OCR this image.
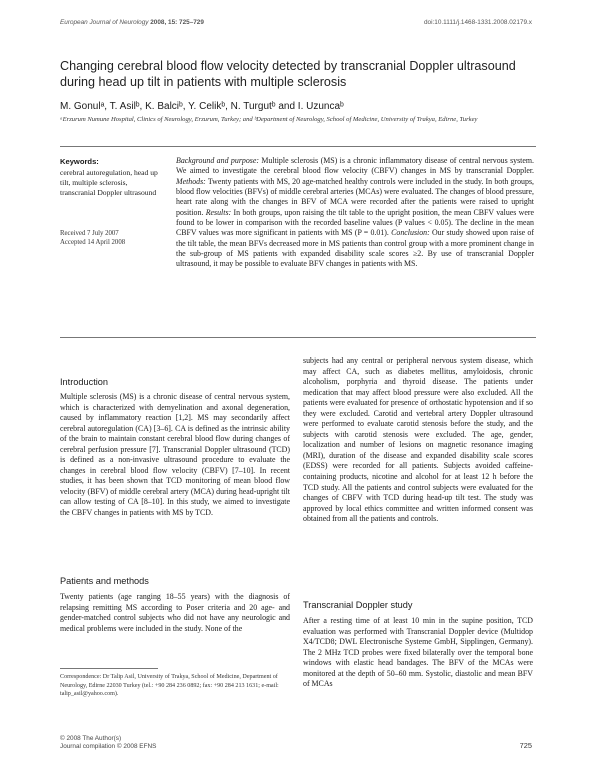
European Journal of Neurology 2008, 15: 725–729	doi:10.1111/j.1468-1331.2008.02179.x
Changing cerebral blood flow velocity detected by transcranial Doppler ultrasound during head up tilt in patients with multiple sclerosis
M. Gonulᵃ, T. Asilᵇ, K. Balciᵇ, Y. Celikᵇ, N. Turgutᵇ and I. Uzuncaᵇ
ᵃErzurum Numune Hospital, Clinics of Neurology, Erzurum, Turkey; and ᵇDepartment of Neurology, School of Medicine, University of Trakya, Edirne, Turkey
Keywords:
cerebral autoregulation, head up tilt, multiple sclerosis, transcranial Doppler ultrasound
Received 7 July 2007
Accepted 14 April 2008
Background and purpose: Multiple sclerosis (MS) is a chronic inflammatory disease of central nervous system. We aimed to investigate the cerebral blood flow velocity (CBFV) changes in MS by transcranial Doppler. Methods: Twenty patients with MS, 20 age-matched healthy controls were included in the study. In both groups, blood flow velocities (BFVs) of middle cerebral arteries (MCAs) were evaluated. The changes of blood pressure, heart rate along with the changes in BFV of MCA were recorded after the patients were raised to upright position. Results: In both groups, upon raising the tilt table to the upright position, the mean CBFV values were found to be lower in comparison with the recorded baseline values (P values < 0.05). The decline in the mean CBFV values was more significant in patients with MS (P = 0.01). Conclusion: Our study showed upon raise of the tilt table, the mean BFVs decreased more in MS patients than control group with a more prominent change in the sub-group of MS patients with expanded disability scale scores ≥2. By use of transcranial Doppler ultrasound, it may be possible to evaluate BFV changes in patients with MS.
Introduction
Multiple sclerosis (MS) is a chronic disease of central nervous system, which is characterized with demyelination and axonal degeneration, caused by inflammatory reaction [1,2]. MS may secondarily affect cerebral autoregulation (CA) [3–6]. CA is defined as the intrinsic ability of the brain to maintain constant cerebral blood flow during changes of cerebral perfusion pressure [7]. Transcranial Doppler ultrasound (TCD) is defined as a non-invasive ultrasound procedure to evaluate the changes in cerebral blood flow velocity (CBFV) [7–10]. In recent studies, it has been shown that TCD monitoring of mean blood flow velocity (BFV) of middle cerebral artery (MCA) during head-upright tilt can allow testing of CA [8–10]. In this study, we aimed to investigate the CBFV changes in patients with MS by TCD.
Patients and methods
Twenty patients (age ranging 18–55 years) with the diagnosis of relapsing remitting MS according to Poser criteria and 20 age- and gender-matched control subjects who did not have any neurologic and medical problems were included in the study. None of the
Correspondence: Dr Talip Asil, University of Trakya, School of Medicine, Department of Neurology, Edirne 22030 Turkey (tel.: +90 284 236 0892; fax: +90 284 213 1631; e-mail: talip_asil@yahoo.com).
subjects had any central or peripheral nervous system disease, which may affect CA, such as diabetes mellitus, amyloidosis, chronic alcoholism, porphyria and thyroid disease. The patients under medication that may affect blood pressure were also excluded. All the patients were evaluated for presence of orthostatic hypotension and if so they were excluded. Carotid and vertebral artery Doppler ultrasound were performed to evaluate carotid stenosis before the study, and the subjects with carotid stenosis were excluded. The age, gender, localization and number of lesions on magnetic resonance imaging (MRI), duration of the disease and expanded disability scale scores (EDSS) were recorded for all patients. Subjects avoided caffeine-containing products, nicotine and alcohol for at least 12 h before the TCD study. All the patients and control subjects were evaluated for the changes of CBFV with TCD during head-up tilt test. The study was approved by local ethics committee and written informed consent was obtained from all the patients and controls.
Transcranial Doppler study
After a resting time of at least 10 min in the supine position, TCD evaluation was performed with Transcranial Doppler device (Multidop X4/TCD8; DWL Electronische Systeme GmbH, Sipplingen, Germany). The 2 MHz TCD probes were fixed bilaterally over the temporal bone windows with elastic head bandages. The BFV of the MCAs were monitored at the depth of 50–60 mm. Systolic, diastolic and mean BFV of MCAs
© 2008 The Author(s)
Journal compilation © 2008 EFNS	725
